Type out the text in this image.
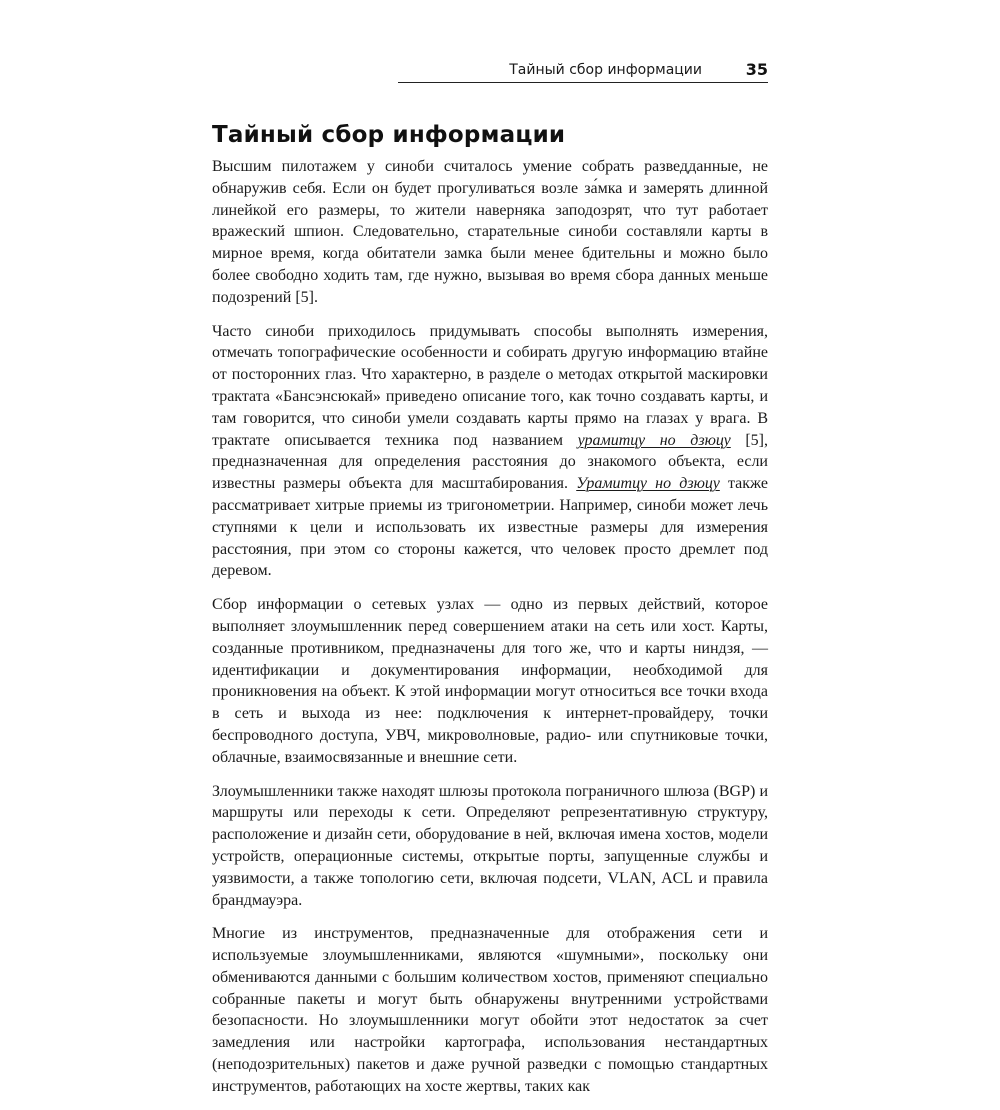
Тайный сбор информации	35
Тайный сбор информации

Высшим пилотажем у синоби считалось умение собрать разведданные, не обнаружив себя. Если он будет прогуливаться возле за́мка и замерять длинной линейкой его размеры, то жители наверняка заподозрят, что тут работает вражеский шпион. Следовательно, старательные синоби составляли карты в мирное время, когда обитатели замка были менее бдительны и можно было более свободно ходить там, где нужно, вызывая во время сбора данных меньше подозрений [5].

Часто синоби приходилось придумывать способы выполнять измерения, отмечать топографические особенности и собирать другую информацию втайне от посторонних глаз. Что характерно, в разделе о методах открытой маскировки трактата «Бансэнсюкай» приведено описание того, как точно создавать карты, и там говорится, что синоби умели создавать карты прямо на глазах у врага. В трактате описывается техника под названием урамитцу но дзюцу [5], предназначенная для определения расстояния до знакомого объекта, если известны размеры объекта для масштабирования. Урамитцу но дзюцу также рассматривает хитрые приемы из тригонометрии. Например, синоби может лечь ступнями к цели и использовать их известные размеры для измерения расстояния, при этом со стороны кажется, что человек просто дремлет под деревом.

Сбор информации о сетевых узлах — одно из первых действий, которое выполняет злоумышленник перед совершением атаки на сеть или хост. Карты, созданные противником, предназначены для того же, что и карты ниндзя, — идентификации и документирования информации, необходимой для проникновения на объект. К этой информации могут относиться все точки входа в сеть и выхода из нее: подключения к интернет-провайдеру, точки беспроводного доступа, УВЧ, микроволновые, радио- или спутниковые точки, облачные, взаимосвязанные и внешние сети.

Злоумышленники также находят шлюзы протокола пограничного шлюза (BGP) и маршруты или переходы к сети. Определяют репрезентативную структуру, расположение и дизайн сети, оборудование в ней, включая имена хостов, модели устройств, операционные системы, открытые порты, запущенные службы и уязвимости, а также топологию сети, включая подсети, VLAN, ACL и правила брандмауэра.

Многие из инструментов, предназначенные для отображения сети и используемые злоумышленниками, являются «шумными», поскольку они обмениваются данными с большим количеством хостов, применяют специально собранные пакеты и могут быть обнаружены внутренними устройствами безопасности. Но злоумышленники могут обойти этот недостаток за счет замедления или настройки картографа, использования нестандартных (неподозрительных) пакетов и даже ручной разведки с помощью стандартных инструментов, работающих на хосте жертвы, таких как
